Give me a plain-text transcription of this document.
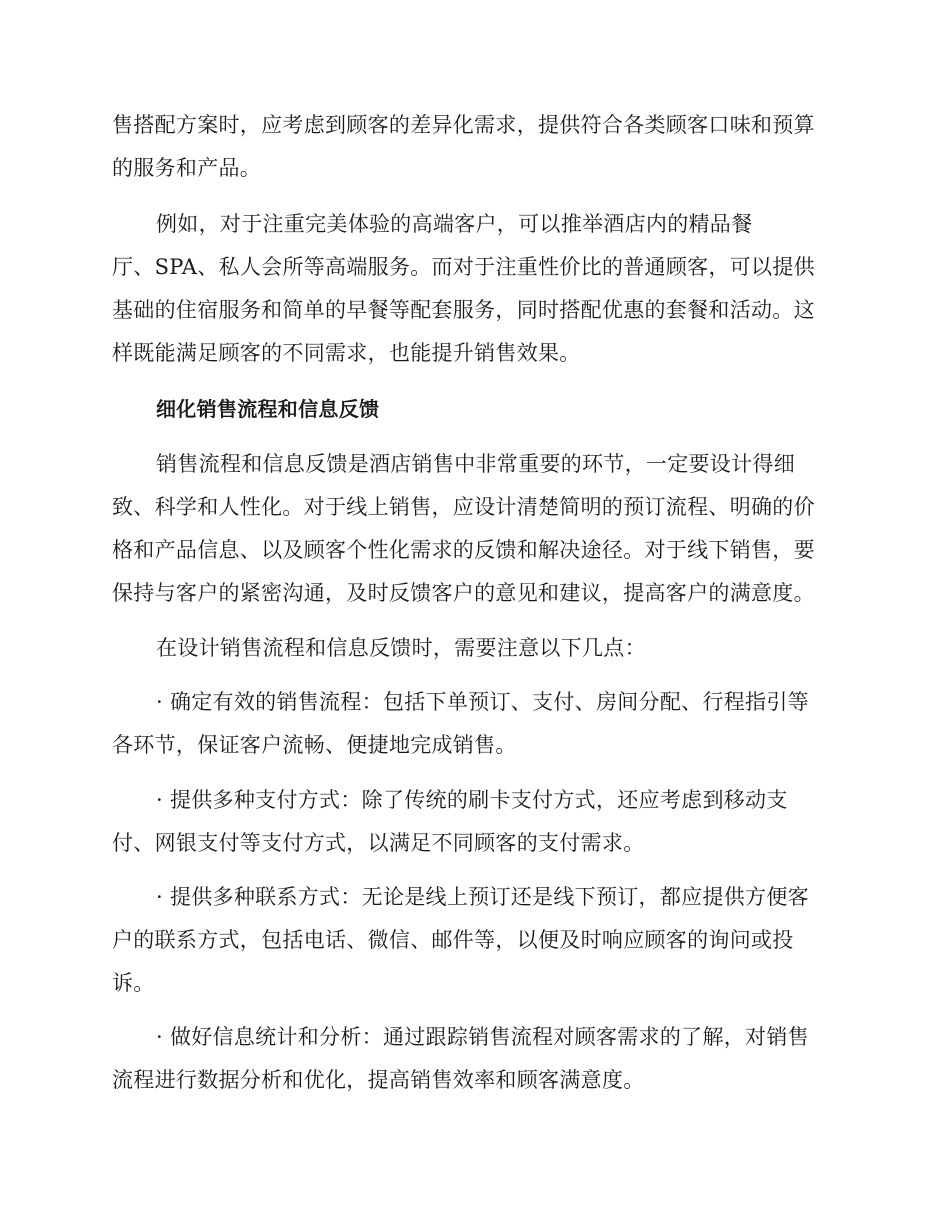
售搭配方案时，应考虑到顾客的差异化需求，提供符合各类顾客口味和预算
的服务和产品。
例如，对于注重完美体验的高端客户，可以推举酒店内的精品餐
厅、SPA、私人会所等高端服务。而对于注重性价比的普通顾客，可以提供
基础的住宿服务和简单的早餐等配套服务，同时搭配优惠的套餐和活动。这
样既能满足顾客的不同需求，也能提升销售效果。
细化销售流程和信息反馈
销售流程和信息反馈是酒店销售中非常重要的环节，一定要设计得细
致、科学和人性化。对于线上销售，应设计清楚简明的预订流程、明确的价
格和产品信息、以及顾客个性化需求的反馈和解决途径。对于线下销售，要
保持与客户的紧密沟通，及时反馈客户的意见和建议，提高客户的满意度。
在设计销售流程和信息反馈时，需要注意以下几点：
· 确定有效的销售流程：包括下单预订、支付、房间分配、行程指引等
各环节，保证客户流畅、便捷地完成销售。
· 提供多种支付方式：除了传统的刷卡支付方式，还应考虑到移动支
付、网银支付等支付方式，以满足不同顾客的支付需求。
· 提供多种联系方式：无论是线上预订还是线下预订，都应提供方便客
户的联系方式，包括电话、微信、邮件等，以便及时响应顾客的询问或投
诉。
· 做好信息统计和分析：通过跟踪销售流程对顾客需求的了解，对销售
流程进行数据分析和优化，提高销售效率和顾客满意度。
